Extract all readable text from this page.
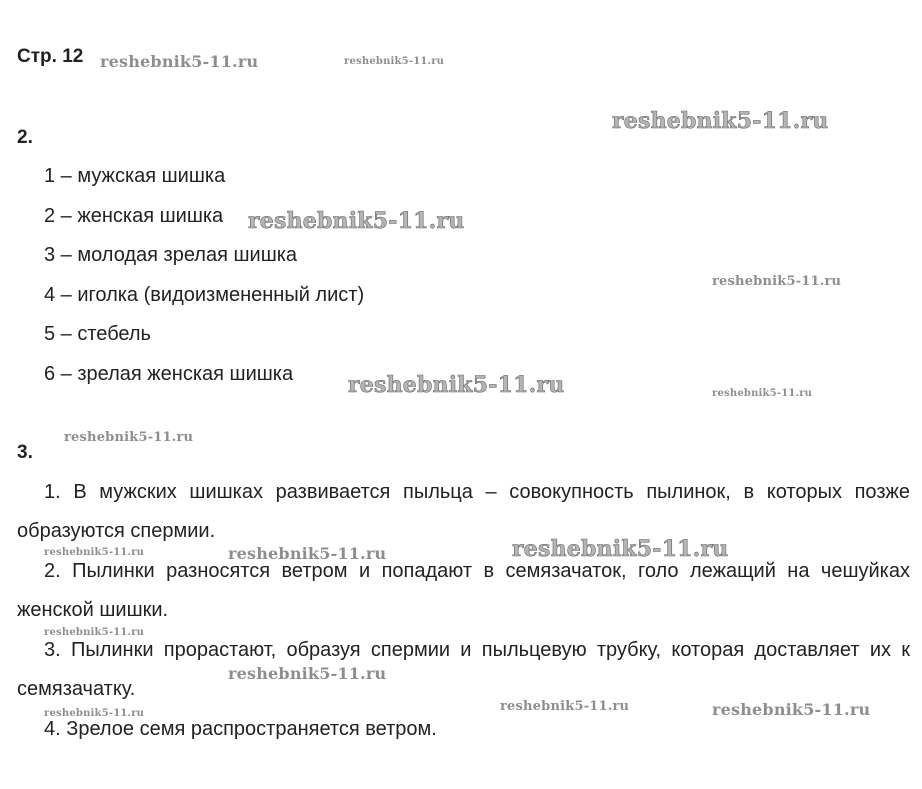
Стр. 12
2.
1 – мужская шишка
2 – женская шишка
3 – молодая зрелая шишка
4 – иголка (видоизмененный лист)
5 – стебель
6 – зрелая женская шишка
3.

1. В мужских шишках развивается пыльца – совокупность пылинок, в которых позже образуются спермии.

2. Пылинки разносятся ветром и попадают в семязачаток, голо лежащий на чешуйках женской шишки.

3. Пылинки прорастают, образуя спермии и пыльцевую трубку, которая доставляет их к семязачатку.

4. Зрелое семя распространяется ветром.

reshebnik5-11.ru	reshebnik5-11.ru
reshebnik5-11.ru
reshebnik5-11.ru
reshebnik5-11.ru
reshebnik5-11.ru	reshebnik5-11.ru
reshebnik5-11.ru
reshebnik5-11.ru	reshebnik5-11.ru	reshebnik5-11.ru
reshebnik5-11.ru
reshebnik5-11.ru
reshebnik5-11.ru	reshebnik5-11.ru
reshebnik5-11.ru
